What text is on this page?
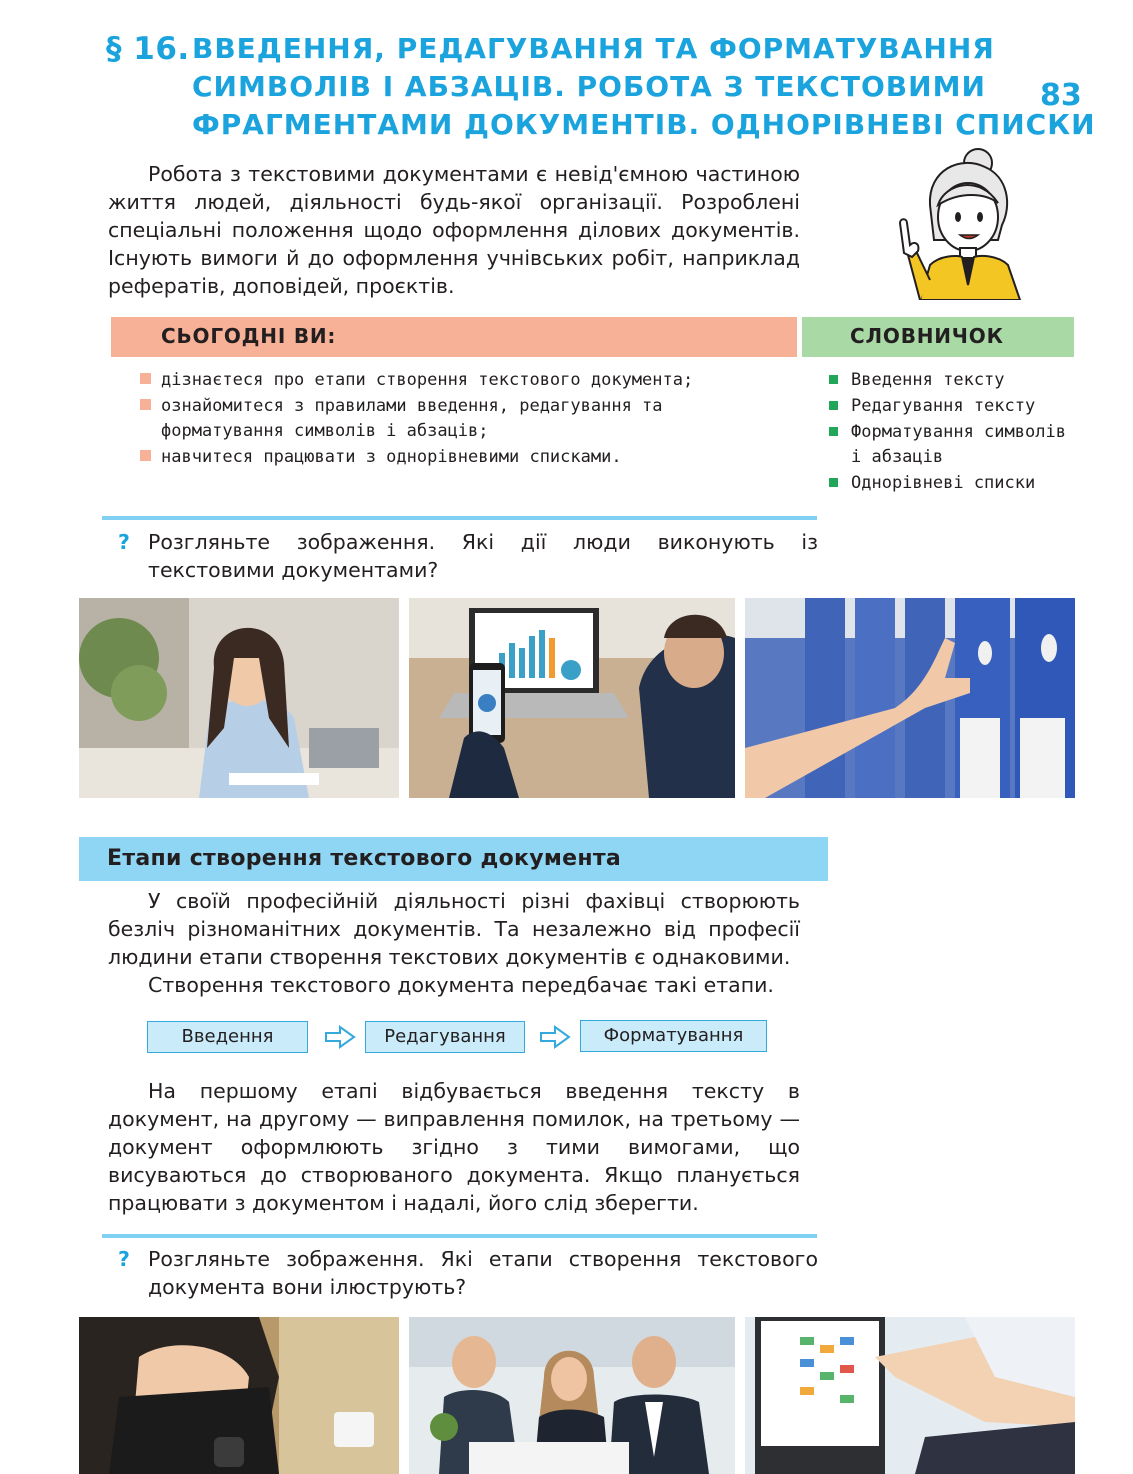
§ 16. ВВЕДЕННЯ, РЕДАГУВАННЯ ТА ФОРМАТУВАННЯ
СИМВОЛІВ І АБЗАЦІВ. РОБОТА З ТЕКСТОВИМИ
ФРАГМЕНТАМИ ДОКУМЕНТІВ. ОДНОРІВНЕВІ СПИСКИ
83

Робота з текстовими документами є невід'ємною частиною життя людей, діяльності будь-якої організації. Розроблені спеціальні положення щодо оформлення ділових документів. Існують вимоги й до оформлення учнівських робіт, наприклад рефератів, доповідей, проєктів.

СЬОГОДНІ ВИ:	СЛОВНИЧОК
дізнаєтеся про етапи створення текстового документа;
ознайомитеся з правилами введення, редагування та форматування символів і абзаців;
навчитеся працювати з однорівневими списками.
Введення тексту
Редагування тексту
Форматування символів і абзаців
Однорівневі списки
? Розгляньте зображення. Які дії люди виконують із текстовими документами?
Етапи створення текстового документа

У своїй професійній діяльності різні фахівці створюють безліч різноманітних документів. Та незалежно від професії людини етапи створення текстових документів є однаковими.

Створення текстового документа передбачає такі етапи.

Введення	Редагування	Форматування

На першому етапі відбувається введення тексту в документ, на другому — виправлення помилок, на третьому — документ оформлюють згідно з тими вимогами, що висуваються до створюваного документа. Якщо планується працювати з документом і надалі, його слід зберегти.

? Розгляньте зображення. Які етапи створення текстового документа вони ілюструють?
